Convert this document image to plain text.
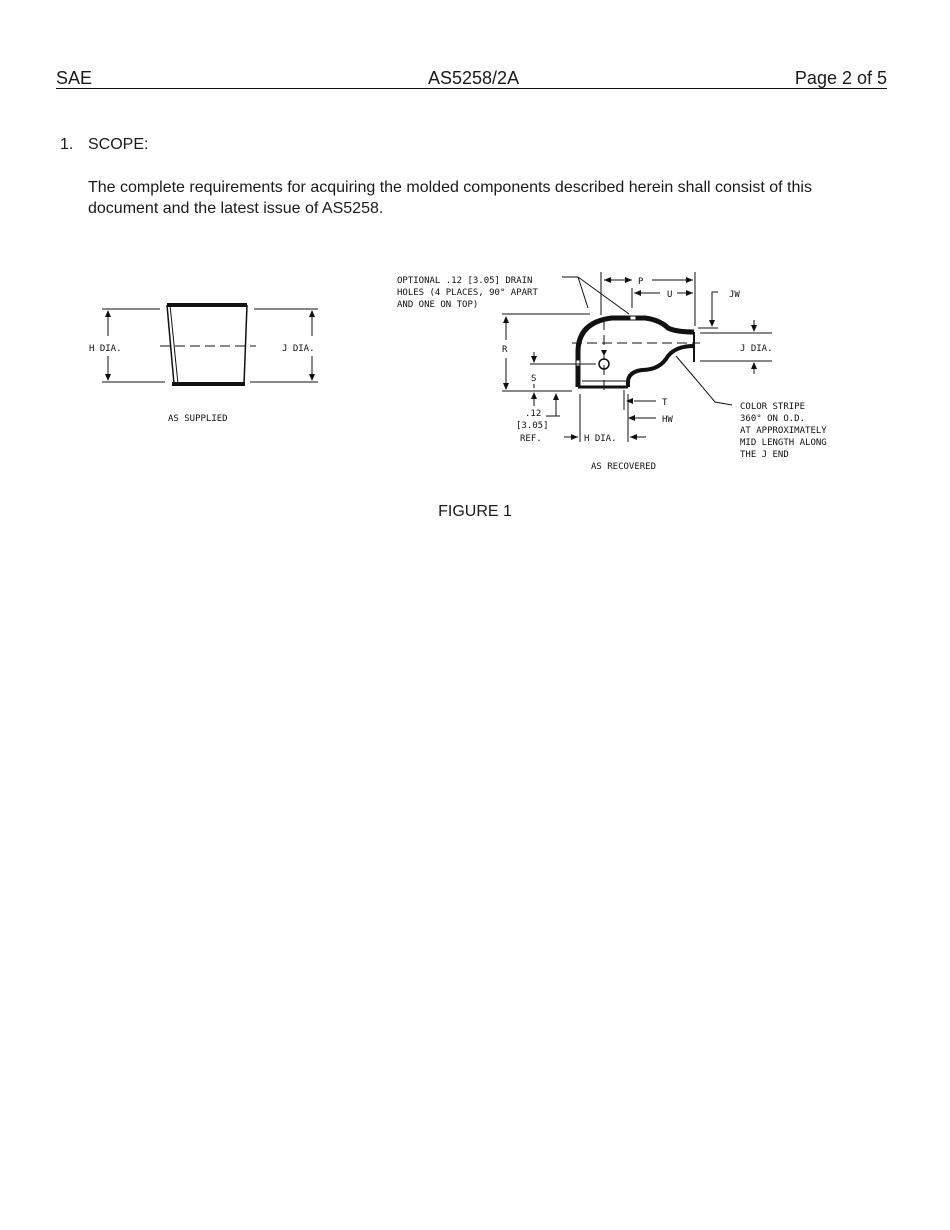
SAE	AS5258/2A	Page 2 of 5
1. SCOPE:
The complete requirements for acquiring the molded components described herein shall consist of this document and the latest issue of AS5258.
H DIA.	J DIA.
AS SUPPLIED
OPTIONAL .12 [3.05] DRAIN
HOLES (4 PLACES, 90° APART
AND ONE ON TOP)
P
U	JW
R
S
J DIA.
T
HW
H DIA.
.12
[3.05]
REF.
COLOR STRIPE
360° ON O.D.
AT APPROXIMATELY
MID LENGTH ALONG
THE J END
AS RECOVERED
FIGURE 1
